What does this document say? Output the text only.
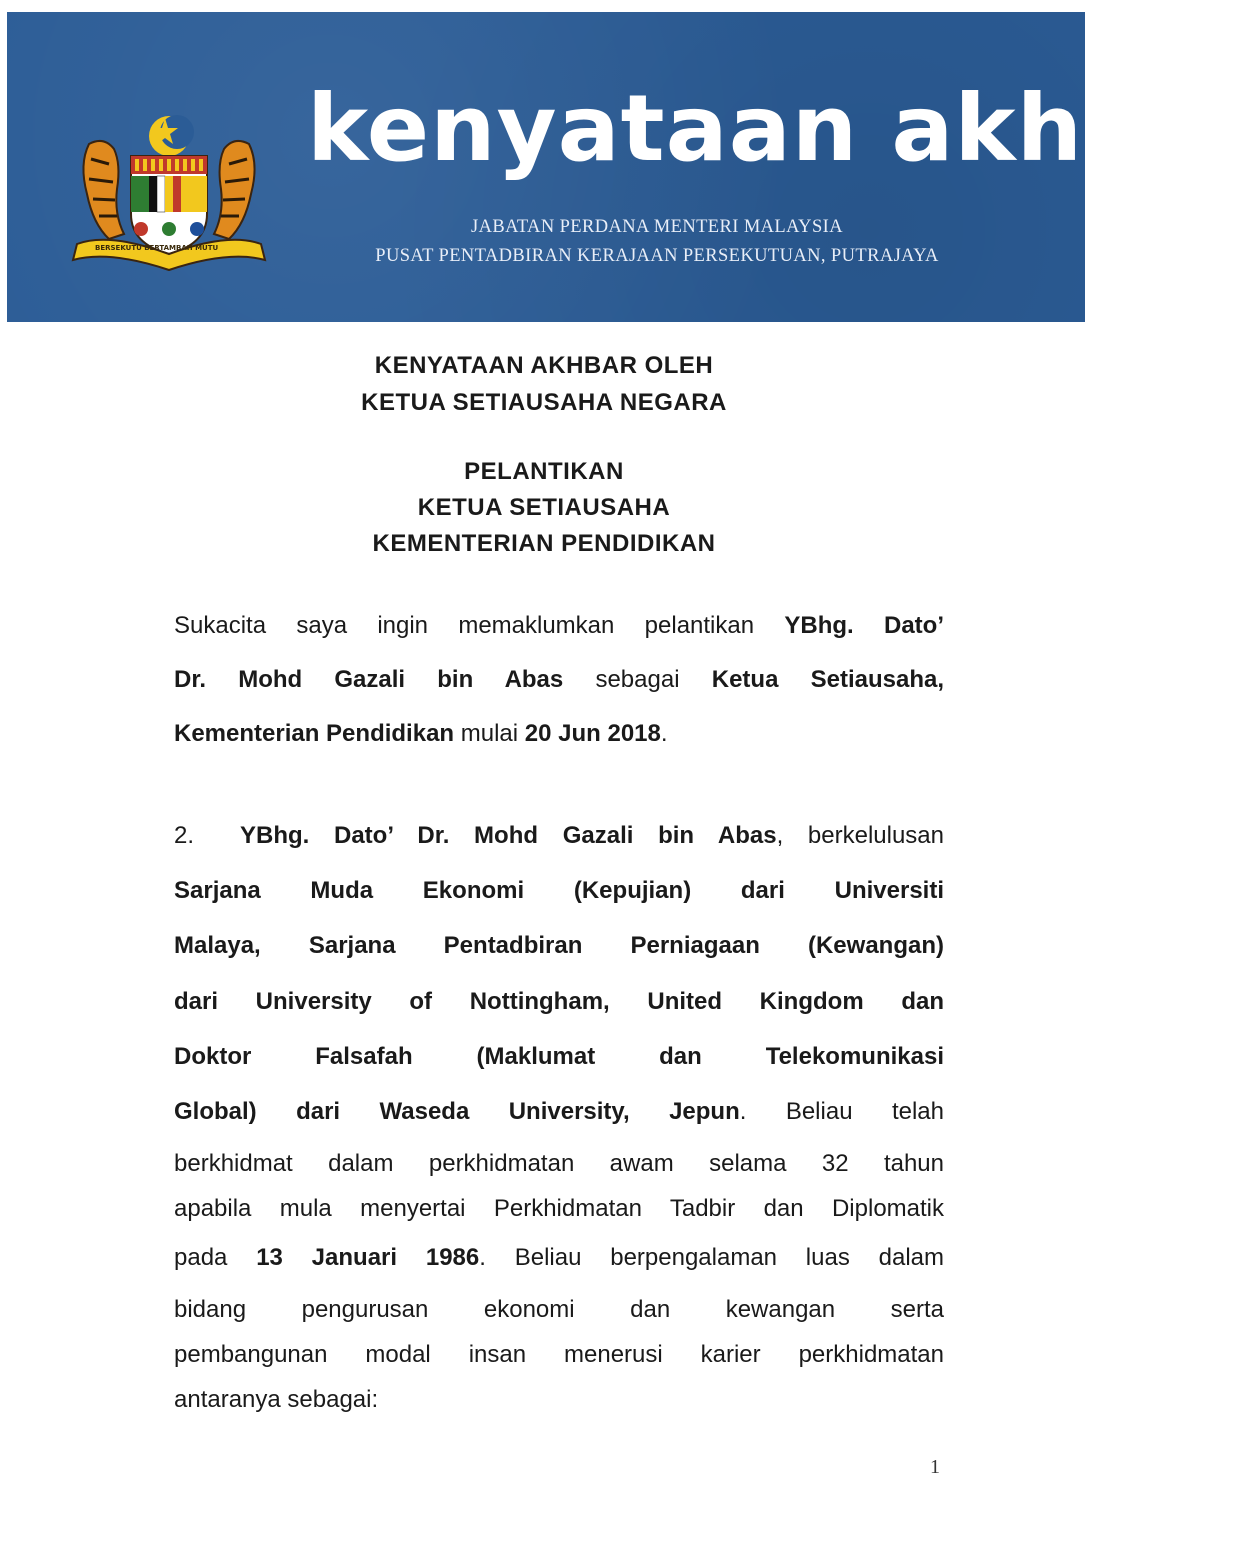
BERSEKUTU BERTAMBAH MUTU
kenyataan akhbar
JABATAN PERDANA MENTERI MALAYSIA
PUSAT PENTADBIRAN KERAJAAN PERSEKUTUAN, PUTRAJAYA
KENYATAAN AKHBAR OLEH
KETUA SETIAUSAHA NEGARA
PELANTIKAN
KETUA SETIAUSAHA
KEMENTERIAN PENDIDIKAN
Sukacita saya ingin memaklumkan pelantikan YBhg. Dato’
Dr. Mohd Gazali bin Abas sebagai Ketua Setiausaha,
Kementerian Pendidikan mulai 20 Jun 2018.
2. YBhg. Dato’ Dr. Mohd Gazali bin Abas, berkelulusan
Sarjana Muda Ekonomi (Kepujian) dari Universiti
Malaya, Sarjana Pentadbiran Perniagaan (Kewangan)
dari University of Nottingham, United Kingdom dan
Doktor Falsafah (Maklumat dan Telekomunikasi
Global) dari Waseda University, Jepun. Beliau telah
berkhidmat dalam perkhidmatan awam selama 32 tahun
apabila mula menyertai Perkhidmatan Tadbir dan Diplomatik
pada 13 Januari 1986. Beliau berpengalaman luas dalam
bidang pengurusan ekonomi dan kewangan serta
pembangunan modal insan menerusi karier perkhidmatan
antaranya sebagai:
1
